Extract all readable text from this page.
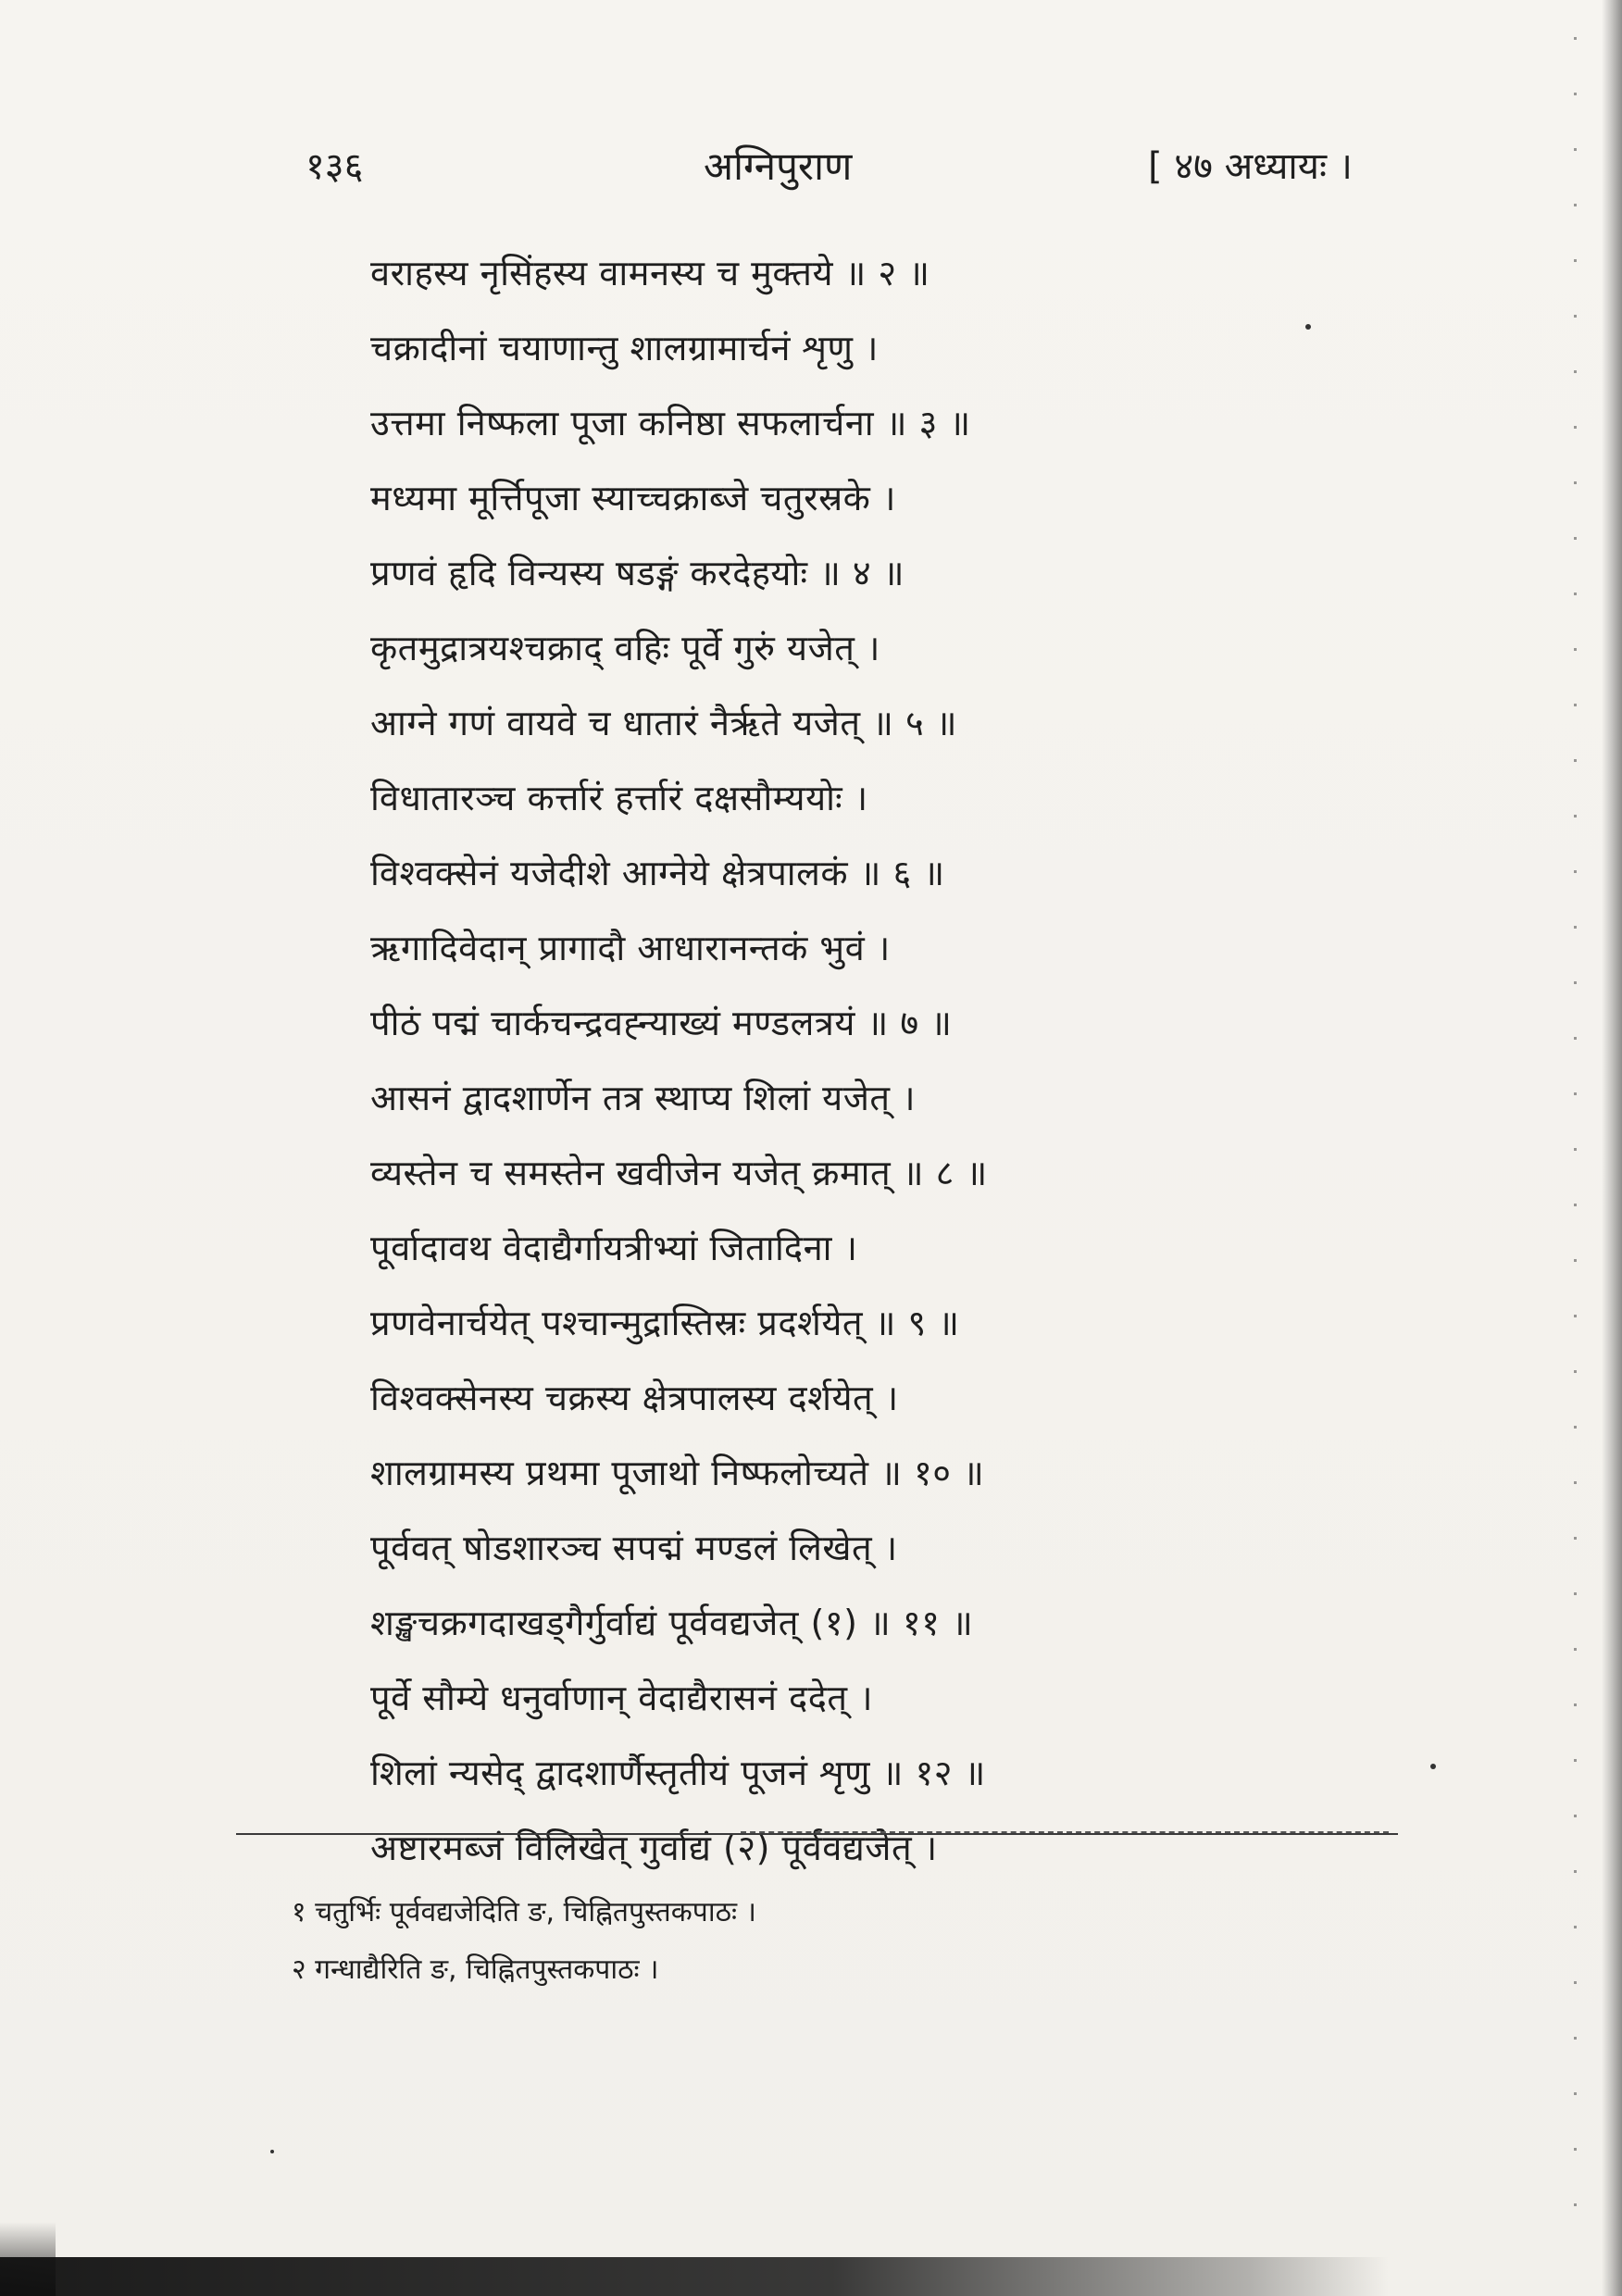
१३६	अग्निपुराण	[ ४७ अध्यायः ।
वराहस्य नृसिंहस्य वामनस्य च मुक्तये ॥ २ ॥
चक्रादीनां चयाणान्तु शालग्रामार्चनं शृणु ।
उत्तमा निष्फला पूजा कनिष्ठा सफलार्चना ॥ ३ ॥
मध्यमा मूर्त्तिपूजा स्याच्चक्राब्जे चतुरस्रके ।
प्रणवं हृदि विन्यस्य षडङ्गं करदेहयोः ॥ ४ ॥
कृतमुद्रात्रयश्चक्राद् वहिः पूर्वे गुरुं यजेत् ।
आग्ने गणं वायवे च धातारं नैर्ऋते यजेत् ॥ ५ ॥
विधातारञ्च कर्त्तारं हर्त्तारं दक्षसौम्ययोः ।
विश्वक्सेनं यजेदीशे आग्नेये क्षेत्रपालकं ॥ ६ ॥
ऋगादिवेदान् प्रागादौ आधारानन्तकं भुवं ।
पीठं पद्मं चार्कचन्द्रवह्न्याख्यं मण्डलत्रयं ॥ ७ ॥
आसनं द्वादशार्णेन तत्र स्थाप्य शिलां यजेत् ।
व्यस्तेन च समस्तेन खवीजेन यजेत् क्रमात् ॥ ८ ॥
पूर्वादावथ वेदाद्यैर्गायत्रीभ्यां जितादिना ।
प्रणवेनार्चयेत् पश्चान्मुद्रास्तिस्रः प्रदर्शयेत् ॥ ९ ॥
विश्वक्सेनस्य चक्रस्य क्षेत्रपालस्य दर्शयेत् ।
शालग्रामस्य प्रथमा पूजाथो निष्फलोच्यते ॥ १० ॥
पूर्ववत् षोडशारञ्च सपद्मं मण्डलं लिखेत् ।
शङ्खचक्रगदाखड्गैर्गुर्वाद्यं पूर्ववद्यजेत् (१) ॥ ११ ॥
पूर्वे सौम्ये धनुर्वाणान् वेदाद्यैरासनं ददेत् ।
शिलां न्यसेद् द्वादशार्णैस्तृतीयं पूजनं शृणु ॥ १२ ॥
अष्टारमब्जं विलिखेत् गुर्वाद्यं (२) पूर्ववद्यजेत् ।
१ चतुर्भिः पूर्ववद्यजेदिति ङ, चिह्नितपुस्तकपाठः ।
२ गन्धाद्यैरिति ङ, चिह्नितपुस्तकपाठः ।
